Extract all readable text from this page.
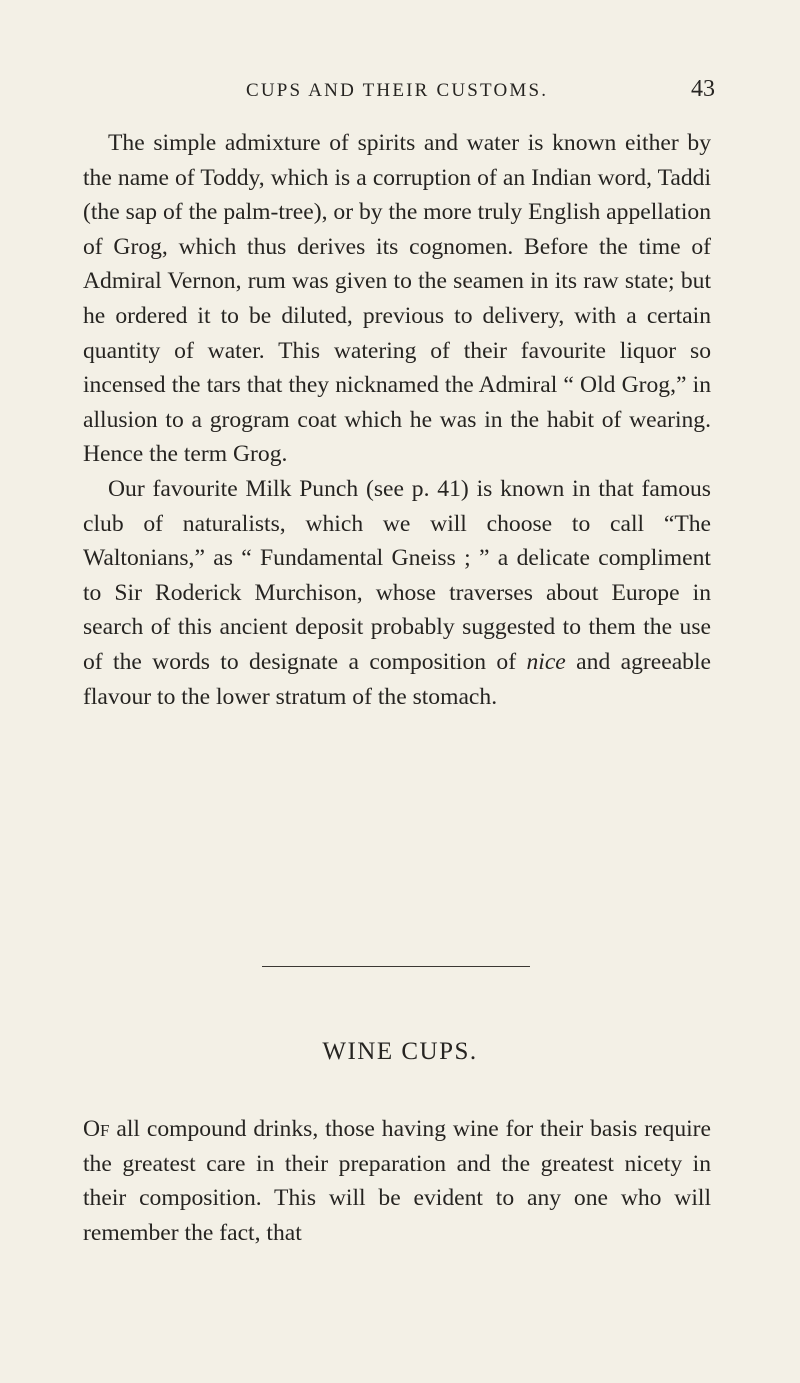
CUPS AND THEIR CUSTOMS.	43

The simple admixture of spirits and water is known either by the name of Toddy, which is a corruption of an Indian word, Taddi (the sap of the palm-tree), or by the more truly English appellation of Grog, which thus derives its cognomen. Before the time of Admiral Vernon, rum was given to the seamen in its raw state; but he ordered it to be diluted, previous to delivery, with a certain quantity of water. This watering of their favourite liquor so incensed the tars that they nicknamed the Admiral “ Old Grog,” in allusion to a grogram coat which he was in the habit of wearing. Hence the term Grog.

Our favourite Milk Punch (see p. 41) is known in that famous club of naturalists, which we will choose to call “The Waltonians,” as “ Fundamental Gneiss ; ” a delicate compliment to Sir Roderick Murchison, whose traverses about Europe in search of this ancient deposit probably suggested to them the use of the words to designate a composition of nice and agreeable flavour to the lower stratum of the stomach.

WINE CUPS.

Of all compound drinks, those having wine for their basis require the greatest care in their preparation and the greatest nicety in their composition. This will be evident to any one who will remember the fact, that
